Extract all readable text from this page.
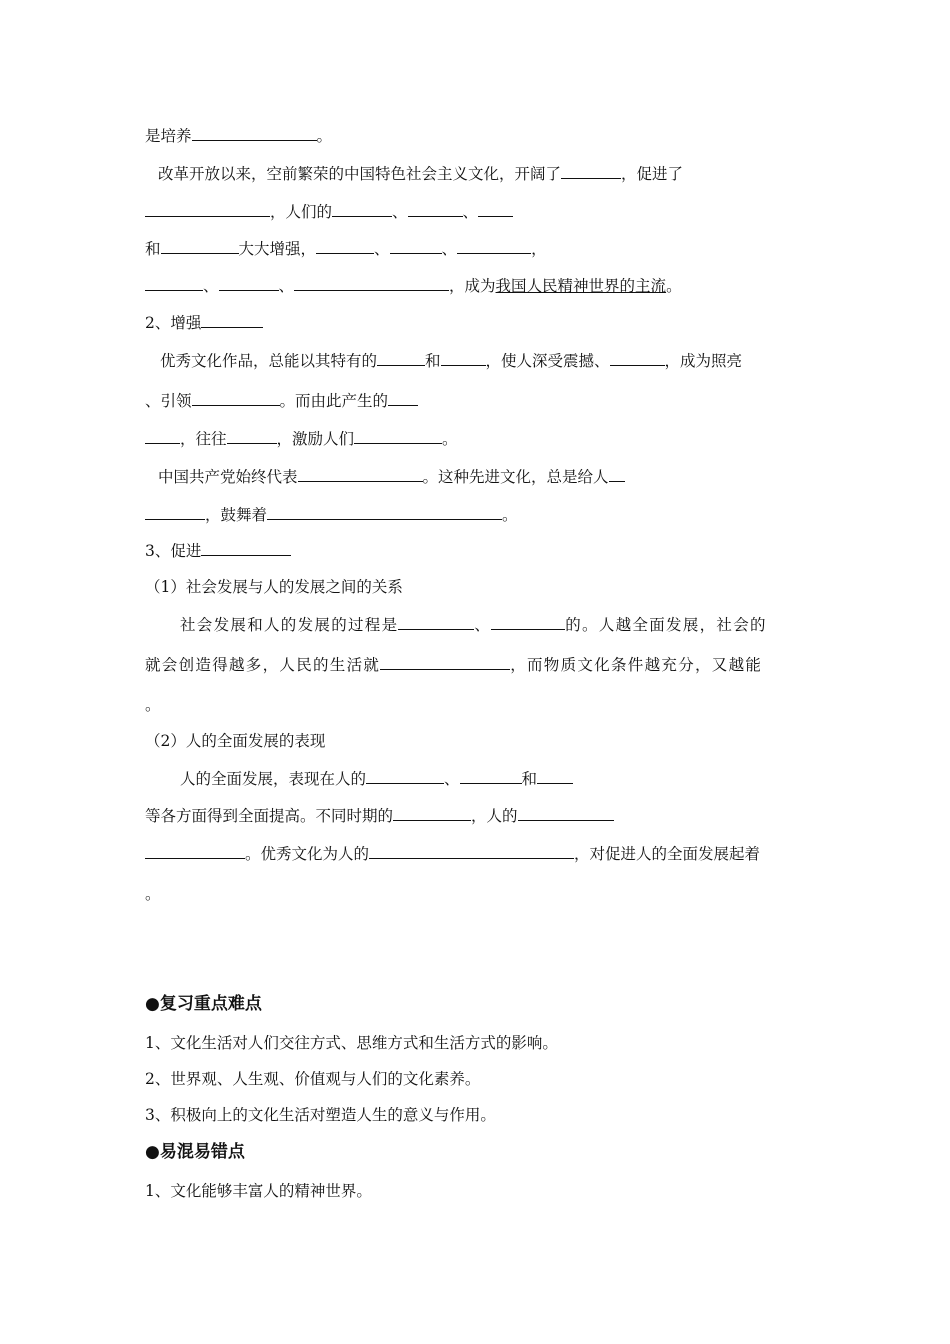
是培养	。
改革开放以来，空前繁荣的中国特色社会主义文化，开阔了	，促进了
，人们的	、	、
和	大大增强，	、	、	，
、	、	，成为我国人民精神世界的主流。
2、增强
优秀文化作品，总能以其特有的	和	，使人深受震撼、	，成为照亮
、引领	。而由此产生的
，往往	，激励人们	。
中国共产党始终代表	。这种先进文化，总是给人
，鼓舞着	。
3、促进
（1）社会发展与人的发展之间的关系
社会发展和人的发展的过程是	、	的。人越全面发展，社会的
就会创造得越多，人民的生活就	，而物质文化条件越充分，又越能
。
（2）人的全面发展的表现
人的全面发展，表现在人的	、	和
等各方面得到全面提高。不同时期的	，人的
。优秀文化为人的	，对促进人的全面发展起着
。
●复习重点难点
1、文化生活对人们交往方式、思维方式和生活方式的影响。
2、世界观、人生观、价值观与人们的文化素养。
3、积极向上的文化生活对塑造人生的意义与作用。
●易混易错点
1、文化能够丰富人的精神世界。
